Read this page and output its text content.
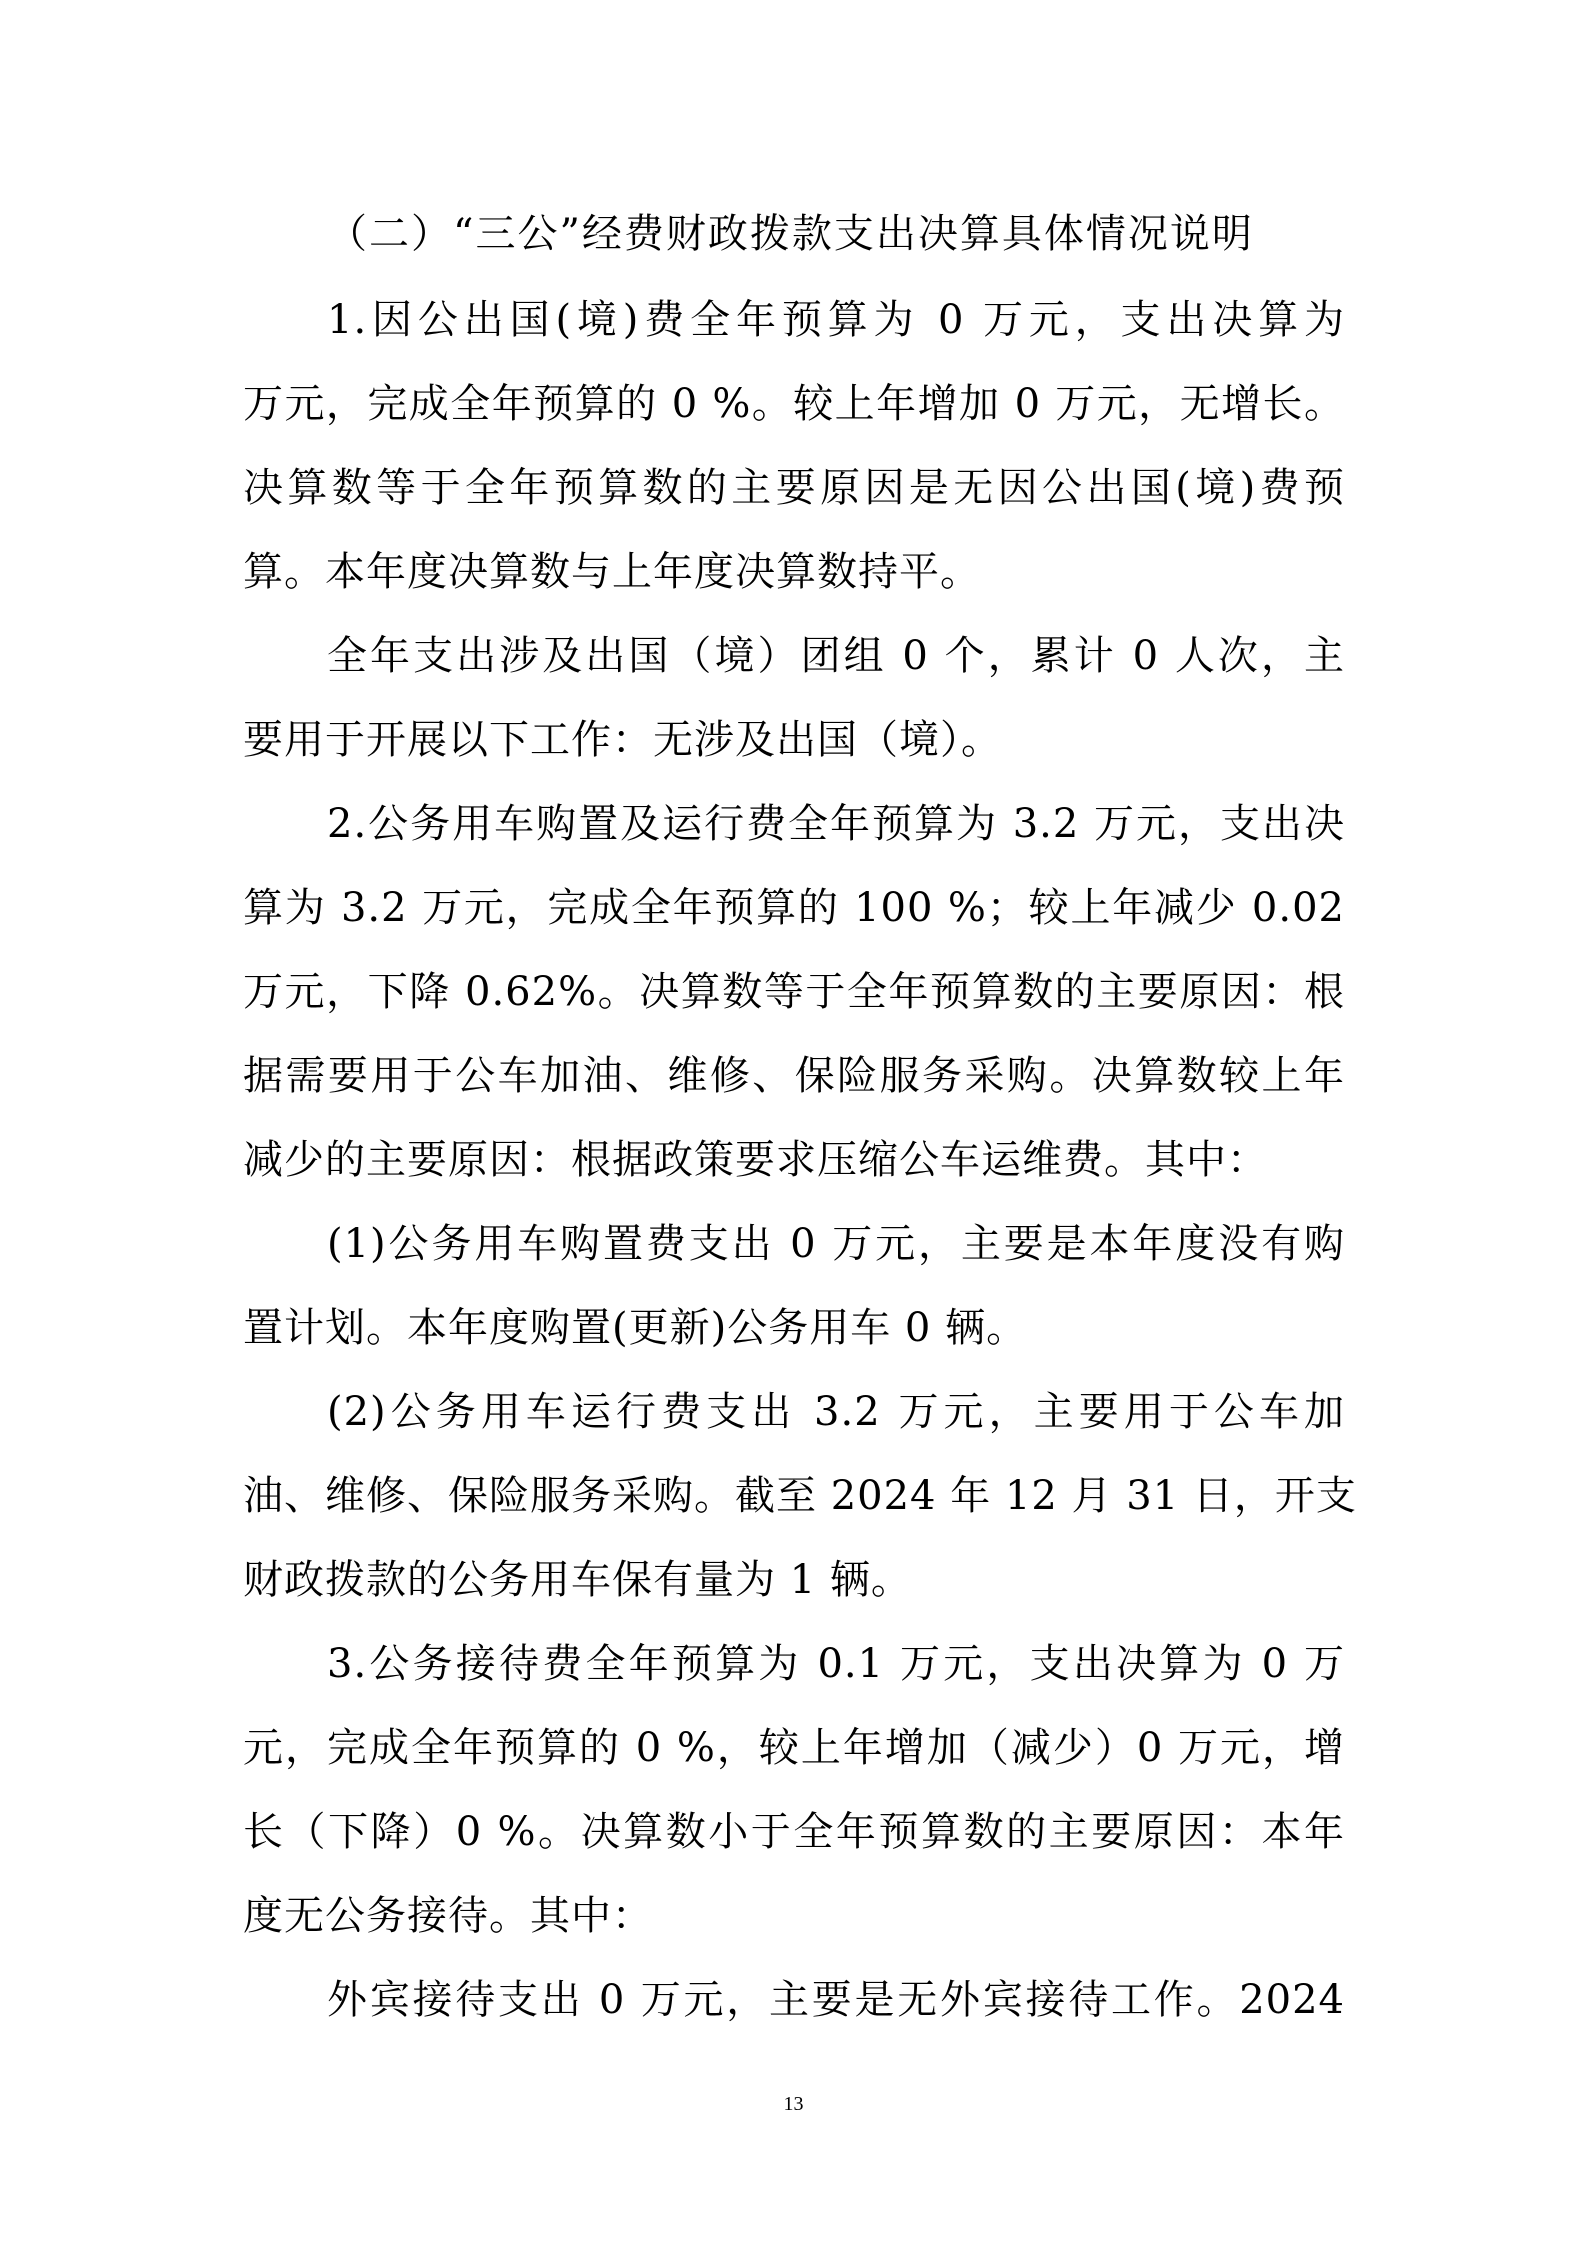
（二）“三公”经费财政拨款支出决算具体情况说明
1.因公出国(境)费全年预算为 0 万元，支出决算为
万元，完成全年预算的 0 %。较上年增加 0 万元，无增长。
决算数等于全年预算数的主要原因是无因公出国(境)费预
算。本年度决算数与上年度决算数持平。
全年支出涉及出国（境）团组 0 个，累计 0 人次，主
要用于开展以下工作：无涉及出国（境）。
2.公务用车购置及运行费全年预算为 3.2 万元，支出决
算为 3.2 万元，完成全年预算的 100 %；较上年减少 0.02
万元，下降 0.62%。决算数等于全年预算数的主要原因：根
据需要用于公车加油、维修、保险服务采购。决算数较上年
减少的主要原因：根据政策要求压缩公车运维费。其中：
(1)公务用车购置费支出 0 万元，主要是本年度没有购
置计划。本年度购置(更新)公务用车 0 辆。
(2)公务用车运行费支出 3.2 万元，主要用于公车加
油、维修、保险服务采购。截至 2024 年 12 月 31 日，开支
财政拨款的公务用车保有量为 1 辆。
3.公务接待费全年预算为 0.1 万元，支出决算为 0 万
元，完成全年预算的 0 %，较上年增加（减少）0 万元，增
长（下降）0 %。决算数小于全年预算数的主要原因：本年
度无公务接待。其中：
外宾接待支出 0 万元，主要是无外宾接待工作。2024
13
